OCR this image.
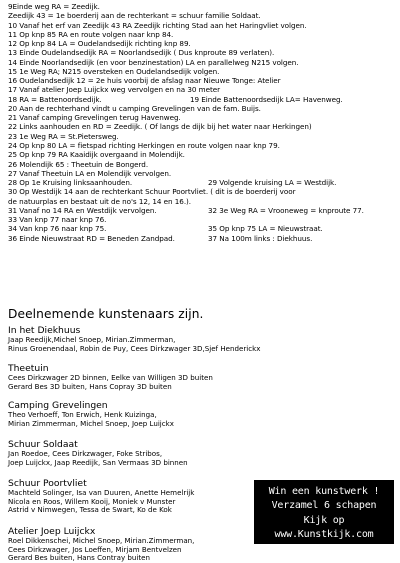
9Einde weg RA = Zeedijk.
Zeedijk 43 = 1e boerderij aan de rechterkant = schuur familie Soldaat.
10 Vanaf het erf van Zeedijk 43 RA Zeedijk richting Stad aan het Haringvliet volgen.
11 Op knp 85 RA en route volgen naar knp 84.
12 Op knp 84 LA = Oudelandsedijk richting knp 89.
13 Einde Oudelandsedijk RA = Noorlandsedijk ( Dus knproute 89 verlaten).
14 Einde Noorlandsedijk (en voor benzinestation) LA en parallelweg N215 volgen.
15 1e Weg RA; N215 oversteken en Oudelandsedijk volgen.
16 Oudelandsedijk 12 = 2e huis voorbij de afslag naar Nieuwe Tonge: Atelier
17 Vanaf atelier Joep Luijckx weg vervolgen en na 30 meter
18 RA = Battenoordsedijk.	19 Einde Battenoordsedijk LA= Havenweg.
20 Aan de rechterhand vindt u camping Grevelingen van de fam. Buijs.
21 Vanaf camping Grevelingen terug Havenweg.
22 Links aanhouden en RD = Zeedijk. ( Of langs de dijk bij het water naar Herkingen)
23 1e Weg RA = St.Pietersweg.
24 Op knp 80 LA = fietspad richting Herkingen en route volgen naar knp 79.
25 Op knp 79 RA Kaaidijk overgaand in Molendijk.
26 Molendijk 65 : Theetuin de Bongerd.
27 Vanaf Theetuin LA en Molendijk vervolgen.
28 Op 1e Kruising linksaanhouden.	29 Volgende kruising LA = Westdijk.
30 Op Westdijk 14 aan de rechterkant Schuur Poortvliet. ( dit is de boerderij voor
de natuurplas en bestaat uit de no's 12, 14 en 16.).
31 Vanaf no 14 RA en Westdijk vervolgen.	32 3e Weg RA = Vrooneweg = knproute 77.
33 Van knp 77 naar knp 76.
34 Van knp 76 naar knp 75.	35 Op knp 75 LA = Nieuwstraat.
36 Einde Nieuwstraat RD = Beneden Zandpad.	37 Na 100m links : Diekhuus.
Deelnemende kunstenaars zijn.
In het Diekhuus
Jaap Reedijk,Michel Snoep, Mirian.Zimmerman,
Rinus Groenendaal, Robin de Puy, Cees Dirkzwager 3D,Sjef Henderickx
Theetuin
Cees Dirkzwager 2D binnen, Eelke van Willigen 3D buiten
Gerard Bes 3D buiten, Hans Copray 3D buiten
Camping Grevelingen
Theo Verhoeff, Ton Erwich, Henk Kuizinga,
Mirian Zimmerman, Michel Snoep, Joep Luijckx
Schuur Soldaat
Jan Roedoe, Cees Dirkzwager, Foke Stribos,
Joep Luijckx, Jaap Reedijk, San Vermaas 3D binnen
Schuur Poortvliet
Machteld Solinger, Isa van Duuren, Anette Hemelrijk
Nicola en Roos, Willem Kooij, Moniek v Munster
Astrid v Nimwegen, Tessa de Swart, Ko de Kok
Atelier Joep Luijckx
Roel Dikkenschei, Michel Snoep, Mirian.Zimmerman,
Cees Dirkzwager, Jos Loeffen, Mirjam Bentvelzen
Gerard Bes buiten, Hans Contray buiten
Win een kunstwerk !
Verzamel 6 schapen
Kijk op
www.Kunstkijk.com
